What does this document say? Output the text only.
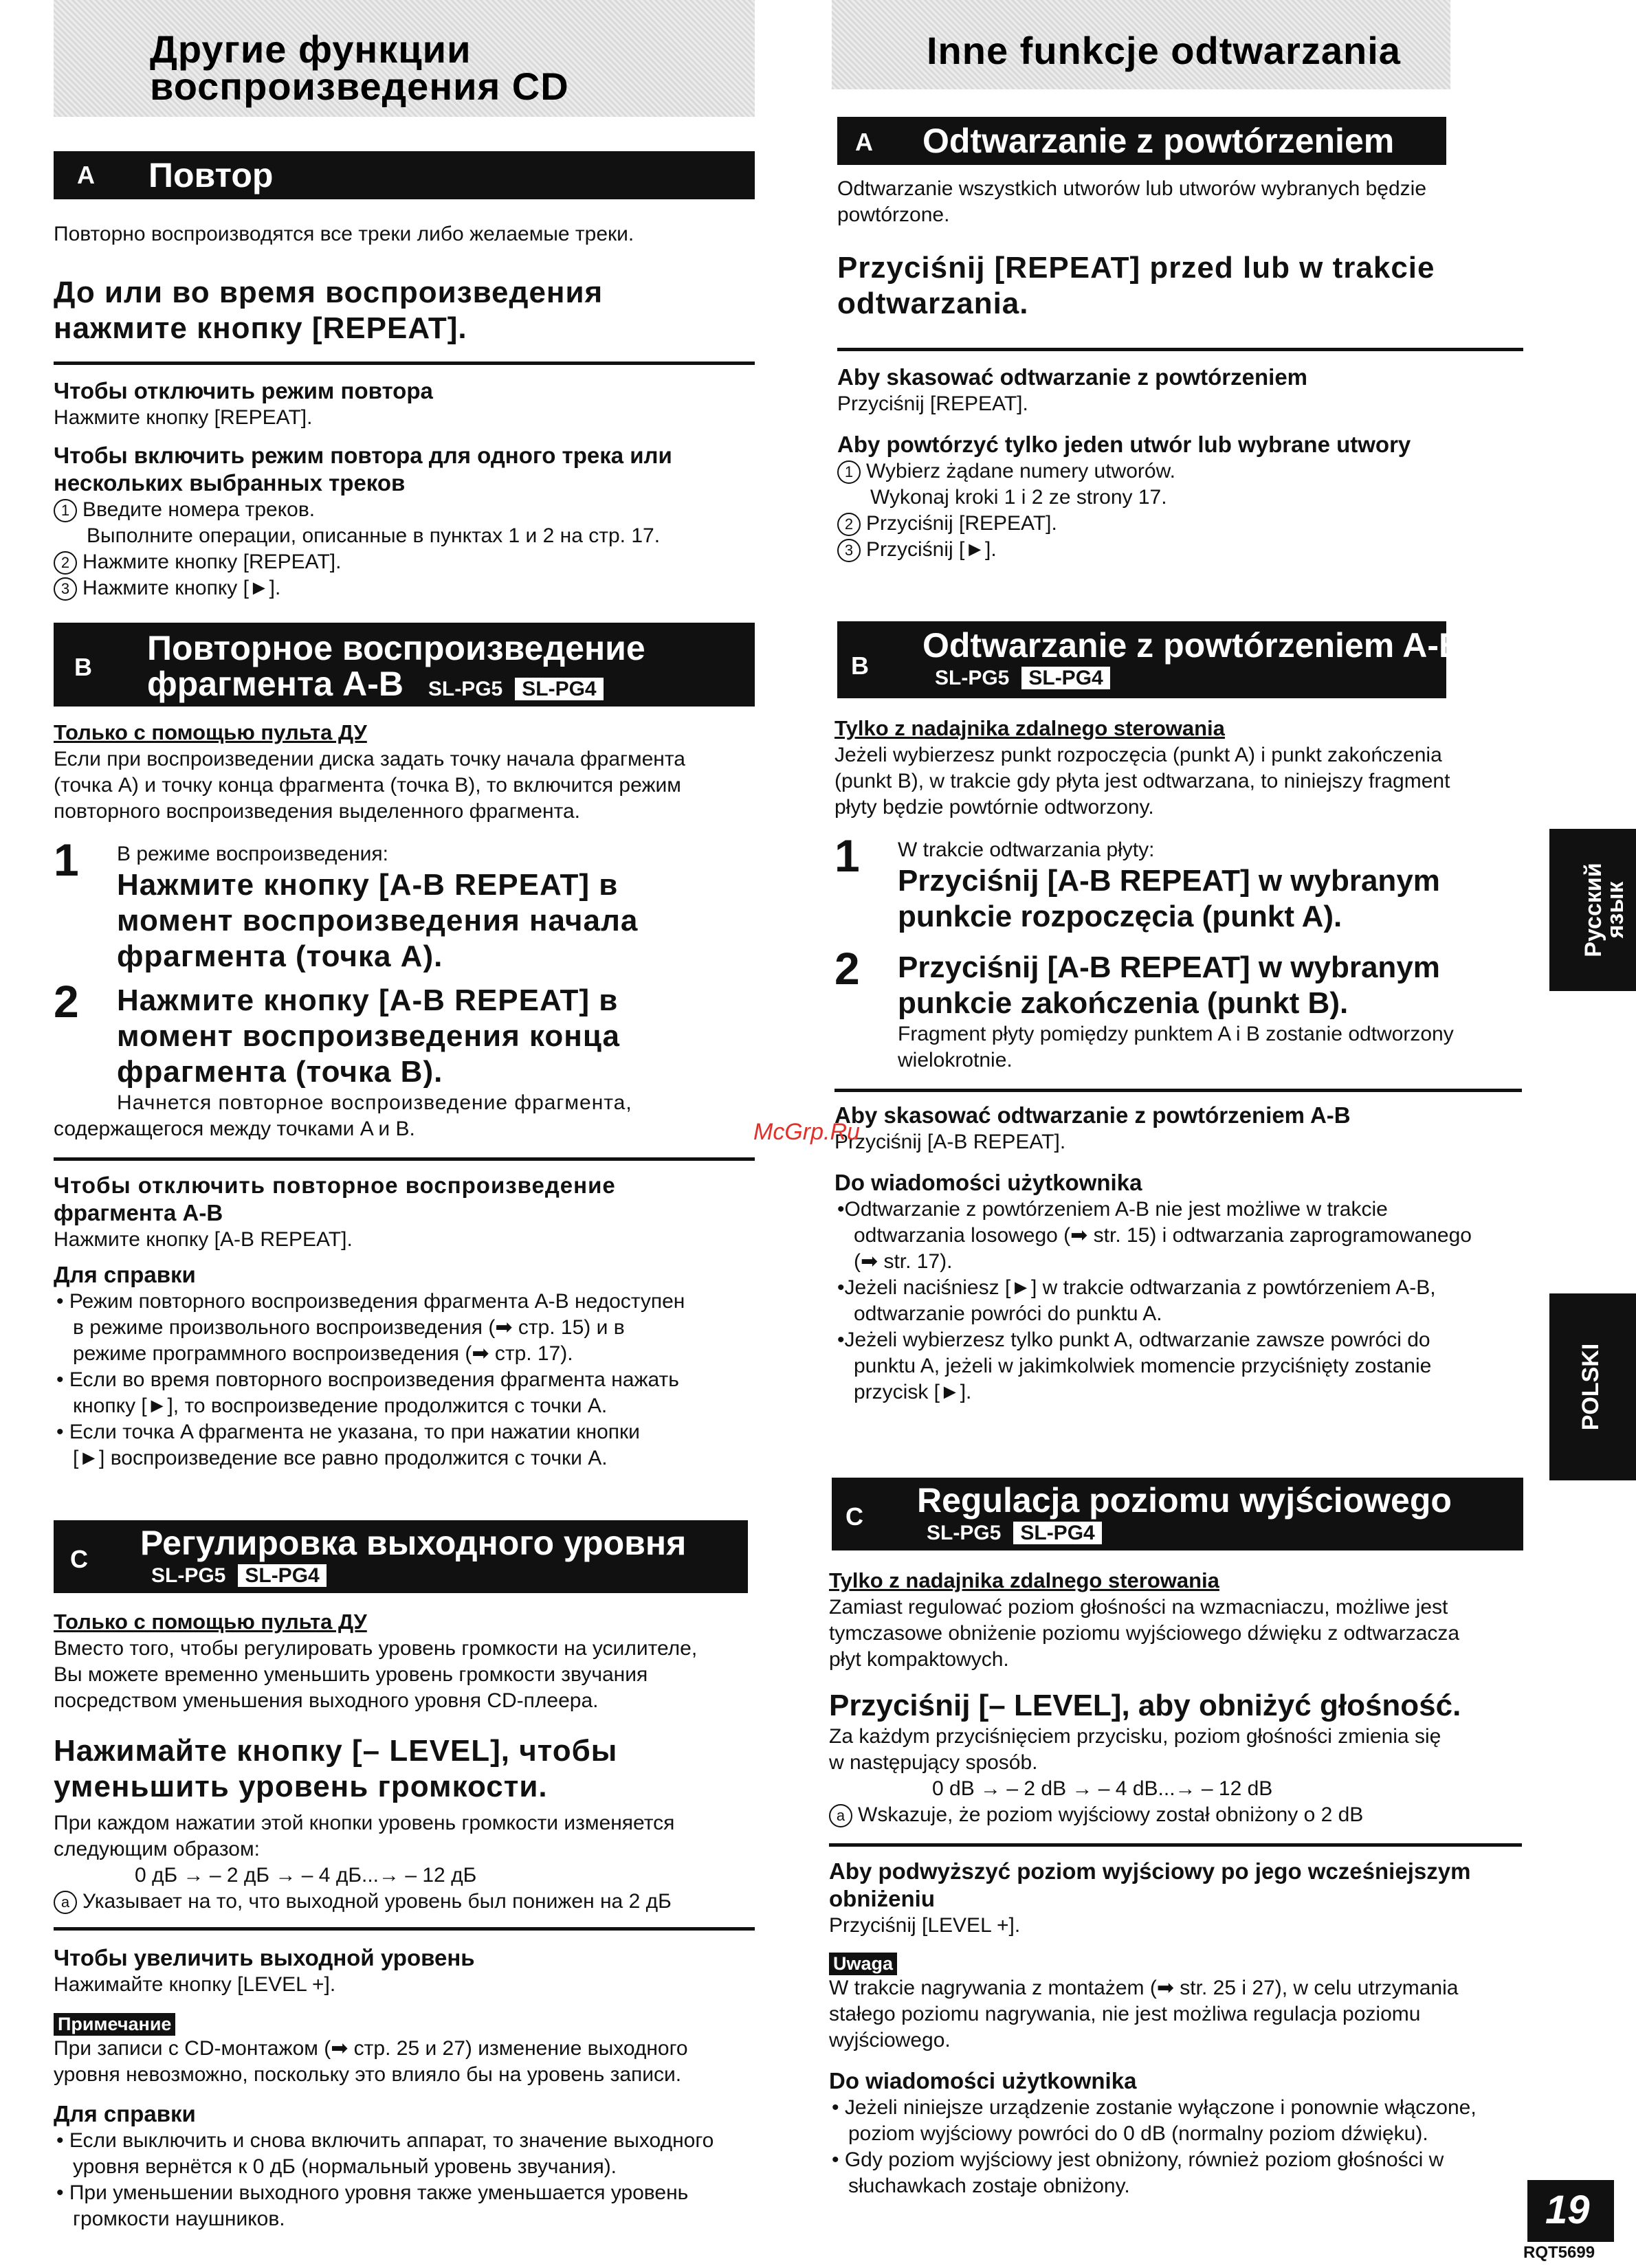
Другие функции
воспроизведения CD
A Повтор

Повторно воспроизводятся все треки либо желаемые треки.

До или во время воспроизведения

нажмите кнопку [REPEAT].

Чтобы отключить режим повтора

Нажмите кнопку [REPEAT].

Чтобы включить режим повтора для одного трека или

нескольких выбранных треков

1 Введите номера треков.

Выполните операции, описанные в пунктах 1 и 2 на стр. 17.

2 Нажмите кнопку [REPEAT].

3 Нажмите кнопку [►].

B Повторное воспроизведение
фрагмента A-B SL-PG5 SL-PG4

Только с помощью пульта ДУ

Если при воспроизведении диска задать точку начала фрагмента

(точка A) и точку конца фрагмента (точка B), то включится режим

повторного воспроизведения выделенного фрагмента.

1 В режиме воспроизведения:

Нажмите кнопку [A-B REPEAT] в

момент воспроизведения начала

фрагмента (точка A).

2 Нажмите кнопку [A-B REPEAT] в

момент воспроизведения конца

фрагмента (точка B).

Начнется повторное воспроизведение фрагмента,

содержащегося между точками A и B.

Чтобы отключить повторное воспроизведение

фрагмента A-B

Нажмите кнопку [A-B REPEAT].

Для справки

• Режим повторного воспроизведения фрагмента A-B недоступен

в режиме произвольного воспроизведения (➡ стр. 15) и в

режиме программного воспроизведения (➡ стр. 17).

• Если во время повторного воспроизведения фрагмента нажать

кнопку [►], то воспроизведение продолжится с точки A.

• Если точка A фрагмента не указана, то при нажатии кнопки

[►] воспроизведение все равно продолжится с точки A.

C Регулировка выходного уровня
SL-PG5 SL-PG4

Только с помощью пульта ДУ

Вместо того, чтобы регулировать уровень громкости на усилителе,

Вы можете временно уменьшить уровень громкости звучания

посредством уменьшения выходного уровня CD-плеера.

Нажимайте кнопку [– LEVEL], чтобы

уменьшить уровень громкости.

При каждом нажатии этой кнопки уровень громкости изменяется

следующим образом:

0 дБ → – 2 дБ → – 4 дБ...→ – 12 дБ

a Указывает на то, что выходной уровень был понижен на 2 дБ

Чтобы увеличить выходной уровень

Нажимайте кнопку [LEVEL +].

Примечание

При записи с CD-монтажом (➡ стр. 25 и 27) изменение выходного

уровня невозможно, поскольку это влияло бы на уровень записи.

Для справки

• Если выключить и снова включить аппарат, то значение выходного

уровня вернётся к 0 дБ (нормальный уровень звучания).

• При уменьшении выходного уровня также уменьшается уровень

громкости наушников.

Inne funkcje odtwarzania
A Odtwarzanie z powtórzeniem

Odtwarzanie wszystkich utworów lub utworów wybranych będzie

powtórzone.

Przyciśnij [REPEAT] przed lub w trakcie

odtwarzania.

Aby skasować odtwarzanie z powtórzeniem

Przyciśnij [REPEAT].

Aby powtórzyć tylko jeden utwór lub wybrane utwory

1 Wybierz żądane numery utworów.

Wykonaj kroki 1 i 2 ze strony 17.

2 Przyciśnij [REPEAT].

3 Przyciśnij [►].

B
Odtwarzanie z powtórzeniem A-B
SL-PG5 SL-PG4

Tylko z nadajnika zdalnego sterowania

Jeżeli wybierzesz punkt rozpoczęcia (punkt A) i punkt zakończenia

(punkt B), w trakcie gdy płyta jest odtwarzana, to niniejszy fragment

płyty będzie powtórnie odtworzony.

1 W trakcie odtwarzania płyty:

Przyciśnij [A-B REPEAT] w wybranym

punkcie rozpoczęcia (punkt A).

2 Przyciśnij [A-B REPEAT] w wybranym

punkcie zakończenia (punkt B).

Fragment płyty pomiędzy punktem A i B zostanie odtworzony

wielokrotnie.

Aby skasować odtwarzanie z powtórzeniem A-B

Przyciśnij [A-B REPEAT].

Do wiadomości użytkownika

•Odtwarzanie z powtórzeniem A-B nie jest możliwe w trakcie

odtwarzania losowego (➡ str. 15) i odtwarzania zaprogramowanego

(➡ str. 17).

•Jeżeli naciśniesz [►] w trakcie odtwarzania z powtórzeniem A-B,

odtwarzanie powróci do punktu A.

•Jeżeli wybierzesz tylko punkt A, odtwarzanie zawsze powróci do

punktu A, jeżeli w jakimkolwiek momencie przyciśnięty zostanie

przycisk [►].

C Regulacja poziomu wyjściowego
SL-PG5 SL-PG4

Tylko z nadajnika zdalnego sterowania

Zamiast regulować poziom głośności na wzmacniaczu, możliwe jest

tymczasowe obniżenie poziomu wyjściowego dźwięku z odtwarzacza

płyt kompaktowych.

Przyciśnij [– LEVEL], aby obniżyć głośność.

Za każdym przyciśnięciem przycisku, poziom głośności zmienia się

w następujący sposób.

0 dB → – 2 dB → – 4 dB...→ – 12 dB

a Wskazuje, że poziom wyjściowy został obniżony o 2 dB

Aby podwyższyć poziom wyjściowy po jego wcześniejszym

obniżeniu

Przyciśnij [LEVEL +].

Uwaga

W trakcie nagrywania z montażem (➡ str. 25 i 27), w celu utrzymania

stałego poziomu nagrywania, nie jest możliwa regulacja poziomu

wyjściowego.

Do wiadomości użytkownika

• Jeżeli niniejsze urządzenie zostanie wyłączone i ponownie włączone,

poziom wyjściowy powróci do 0 dB (normalny poziom dźwięku).

• Gdy poziom wyjściowy jest obniżony, również poziom głośności w

słuchawkach zostaje obniżony.

McGrp.Ru
Русский
язык
POLSKI
19
RQT5699
